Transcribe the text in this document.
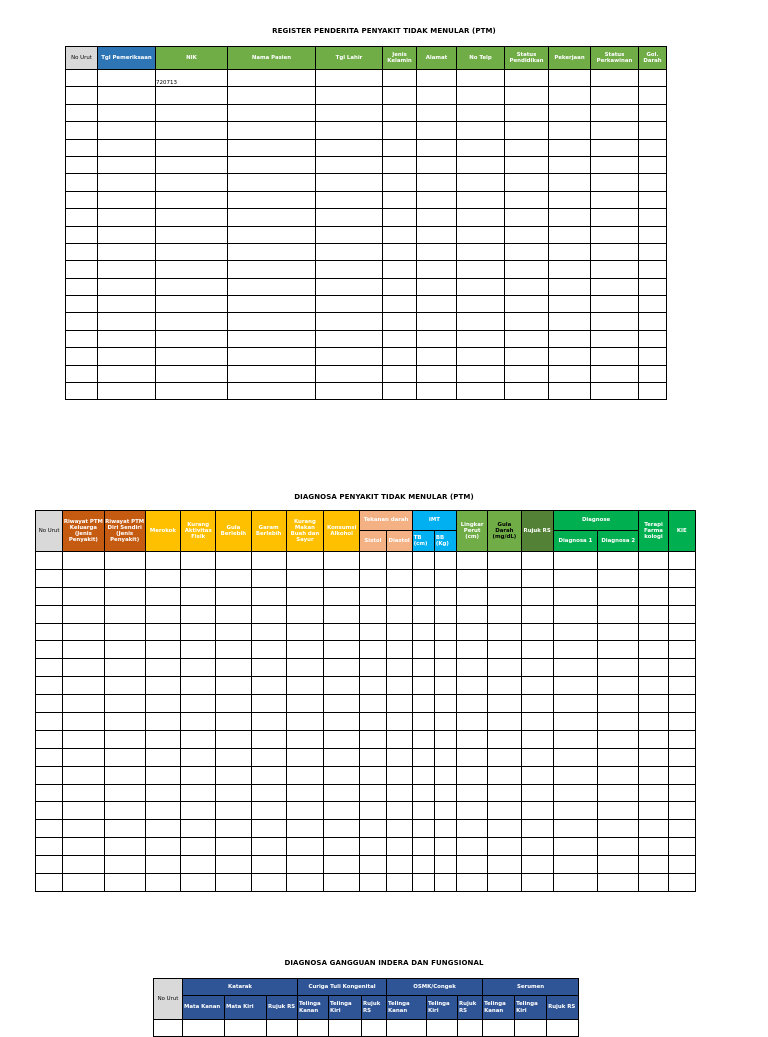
REGISTER PENDERITA PENYAKIT TIDAK MENULAR (PTM)
No Urut	Tgl Pemeriksaan	NIK	Nama Pasien	Tgl Lahir	Jenis Kelamin	Alamat	No Telp	Status Pendidikan	Pekerjaan	Status Perkawinan	Gol. Darah
		720713									

DIAGNOSA PENYAKIT TIDAK MENULAR (PTM)
No Urut	Riwayat PTM Keluarga (Jenis Penyakit)	Riwayat PTM Diri Sendiri (Jenis Penyakit)	Merokok	Kurang Aktivitas Fisik	Gula Berlebih	Garam Berlebih	Kurang Makan Buah dan Sayur	Konsumsi Alkohol	Tekanan darah		IMT		Lingkar Perut (cm)	Gula Darah (mg/dL)	Rujuk RS	Diagnose		Terapi Farma kologi	KIE
									Sistol	Diastol	TB (cm)	BB (Kg)				Diagnosa 1	Diagnosa 2		

DIAGNOSA GANGGUAN INDERA DAN FUNGSIONAL
No Urut	Katarak			Curiga Tuli Kongenital			OSMK/Congek			Serumen		
	Mata Kanan	Mata Kiri	Rujuk RS	Telinga Kanan	Telinga Kiri	Rujuk RS	Telinga Kanan	Telinga Kiri	Rujuk RS	Telinga Kanan	Telinga Kiri	Rujuk RS
